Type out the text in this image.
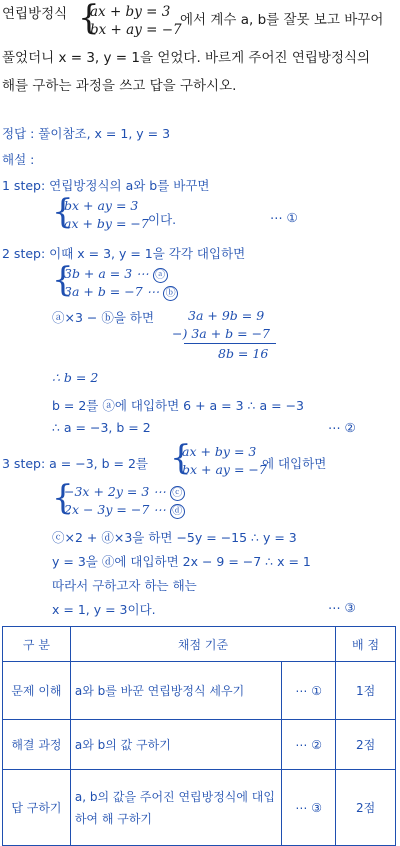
연립방정식 {
ax + by = 3
bx + ay = −7
에서 계수 a, b를 잘못 보고 바꾸어
풀었더니 x = 3, y = 1을 얻었다. 바르게 주어진 연립방정식의
해를 구하는 과정을 쓰고 답을 구하시오.
정답 : 풀이참조, x = 1, y = 3
해설 :
1 step: 연립방정식의 a와 b를 바꾸면
{
bx + ay = 3
ax + by = −7 이다.	⋯ ①
2 step: 이때 x = 3, y = 1을 각각 대입하면
{
3b + a = 3 ⋯ ⓐ
3a + b = −7 ⋯ ⓑ
ⓐ×3 − ⓑ을 하면	3a + 9b = 9
−) 3a + b = −7
8b = 16
∴ b = 2
b = 2를 ⓐ에 대입하면 6 + a = 3 ∴ a = −3
∴ a = −3, b = 2	⋯ ②
3 step: a = −3, b = 2를 {
ax + by = 3
bx + ay = −7
에 대입하면
{
−3x + 2y = 3 ⋯ ⓒ
2x − 3y = −7 ⋯ ⓓ
ⓒ×2 + ⓓ×3을 하면 −5y = −15 ∴ y = 3
y = 3을 ⓓ에 대입하면 2x − 9 = −7 ∴ x = 1
따라서 구하고자 하는 해는
x = 1, y = 3이다.	⋯ ③
구 분	채점 기준		배 점
문제 이해	a와 b를 바꾼 연립방정식 세우기	⋯ ①	1점
해결 과정	a와 b의 값 구하기	⋯ ②	2점
답 구하기	a, b의 값을 주어진 연립방정식에 대입하여 해 구하기	⋯ ③	2점
